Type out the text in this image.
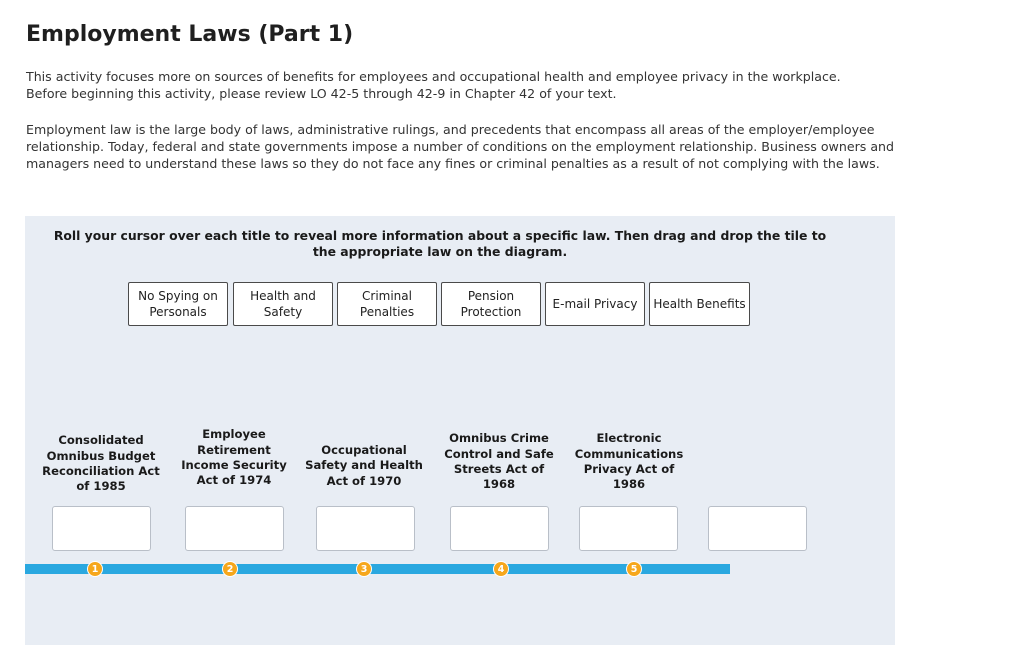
Employment Laws (Part 1)

This activity focuses more on sources of benefits for employees and occupational health and employee privacy in the workplace.

Before beginning this activity, please review LO 42-5 through 42-9 in Chapter 42 of your text.

Employment law is the large body of laws, administrative rulings, and precedents that encompass all areas of the employer/employee relationship. Today, federal and state governments impose a number of conditions on the employment relationship. Business owners and managers need to understand these laws so they do not face any fines or criminal penalties as a result of not complying with the laws.

Roll your cursor over each title to reveal more information about a specific law. Then drag and drop the tile to the appropriate law on the diagram.
No Spying on Personals
Health and Safety
Criminal Penalties
Pension Protection
E-mail Privacy Health Benefits
Consolidated Omnibus Budget Reconciliation Act of 1985
Employee Retirement Income Security Act of 1974
Occupational Safety and Health Act of 1970
Omnibus Crime Control and Safe Streets Act of 1968
Electronic Communications Privacy Act of 1986
1	2	3	4	5
